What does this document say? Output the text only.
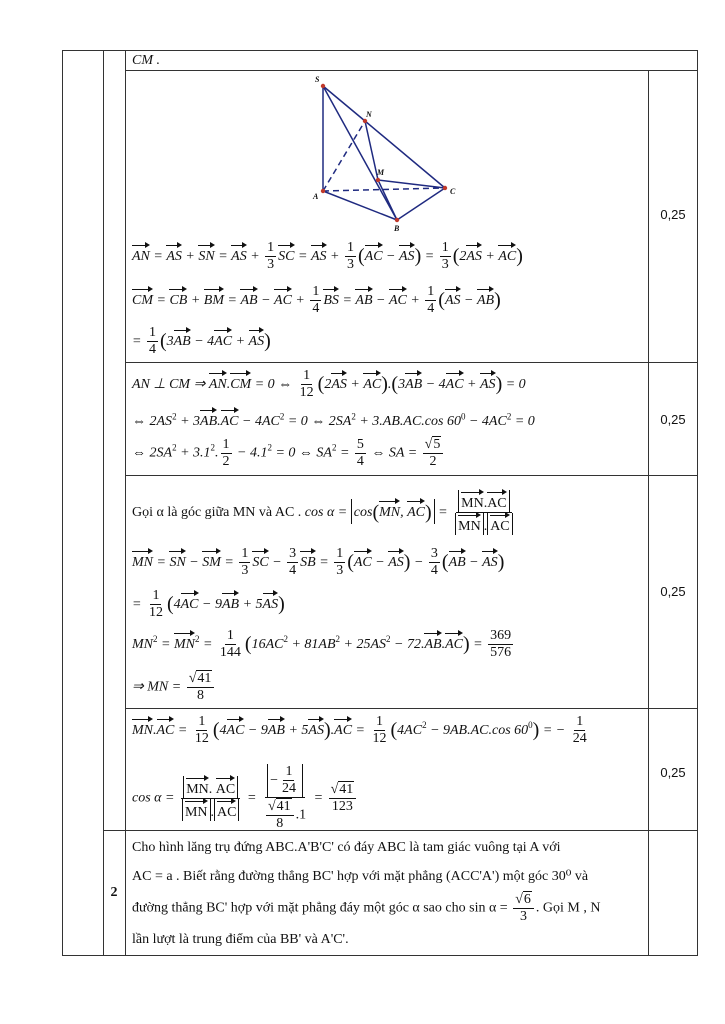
CM .
S
N
M
A
B
C
0,25
0,25
0,25
0,25
AN = AS + SN = AS + $\frac{1}{3}$ SC = AS + $\frac{1}{3} (AC - AS) = \frac{1}{3} (2AS + AC)$
CM = CB + BM = AB − AC + $\frac{1}{4}$ BS = AB − AC + $\frac{1}{4} (AS - AB)$
= $\frac{1}{4} (3AB - 4AC + AS)$
AN ⊥ CM ⇒ AN.CM = 0 ⇔ $\frac{1}{12} (2AS + AC).(3AB - 4AC + AS) = 0$
⇔ $2AS^2 + 3AB.AC - 4AC^2 = 0$ ⇔ $2SA^2 + 3.AB.AC.\cos$ $60^0 - 4AC^2 = 0$
⇔ $2SA^2 + 3.1^2$. $\frac{1}{2} - 4.1^2 = 0$ ⇔ $SA^2 = \frac{5}{4}$ ⇔ SA = $\frac{√5}{2}$
Gọi α là góc giữa MN và AC . cos α = cos(MN, $AC) = \frac{MN.AC}{MN . AC}$
MN = SN − SM = $\frac{1}{3}$ SC − $\frac{3}{4}$ SB = $\frac{1}{3} (AC - AS) - \frac{3}{4} (AB - AS)$
= $\frac{1}{12} (4AC - 9AB + 5AS)$
$MN^2 = MN^2 = \frac{1}{144} (16AC^2 + 81AB^2 + 25AS^2 - 72.AB.AC) = \frac{369}{576}$
⇒ MN = $\frac{√41}{8}$
$MN.AC = \frac{1}{12} (4AC - 9AB + 5AS).AC = \frac{1}{12} (4AC^2 - 9AB.AC.\cos$ $60^0$) = − $\frac{1}{24}$
$\cos \alpha = \frac{MN. AC}{MN . AC} = \frac{- \frac{1}{24}}{\frac{√41}{8} .1} = \frac{√41}{123}$
2
Cho hình lăng trụ đứng ABC.A'B'C' có đáy ABC là tam giác vuông tại A với
AC = a . Biết rằng đường thẳng BC' hợp với mặt phẳng (ACC'A') một góc 30⁰ và
đường thẳng BC' hợp với mặt phẳng đáy một góc α sao cho $\sin \alpha = \frac{√6}{3}$ . Gọi M , N
lần lượt là trung điểm của BB' và A'C'.
